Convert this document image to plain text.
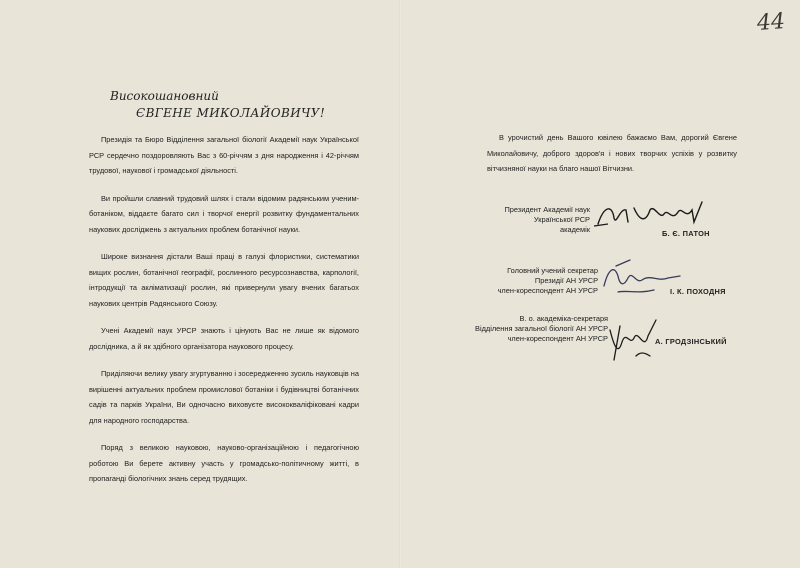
44
Високошановний
ЄВГЕНЕ МИКОЛАЙОВИЧУ!

Президія та Бюро Відділення загальної біології Академії наук Української РСР сердечно поздоровляють Вас з 60-річчям з дня народження і 42-річчям трудової, наукової і громадської діяльності.

Ви пройшли славний трудовий шлях і стали відомим радянським ученим-ботаніком, віддаєте багато сил і творчої енергії розвитку фундаментальних наукових досліджень з актуальних проблем ботанічної науки.

Широке визнання дістали Ваші праці в галузі флористики, систематики вищих рослин, ботанічної географії, рослинного ресурсознавства, карпології, інтродукції та акліматизації рослин, які привернули увагу вчених багатьох наукових центрів Радянського Союзу.

Учені Академії наук УРСР знають і цінують Вас не лише як відомого дослідника, а й як здібного організатора наукового процесу.

Приділяючи велику увагу згуртуванню і зосередженню зусиль науковців на вирішенні актуальних проблем промислової ботаніки і будівництві ботанічних садів та парків України, Ви одночасно виховуєте висококваліфіковані кадри для народного господарства.

Поряд з великою науковою, науково-організаційною і педагогічною роботою Ви берете активну участь у громадсько-політичному житті, в пропаганді біологічних знань серед трудящих.

В урочистий день Вашого ювілею бажаємо Вам, дорогий Євгене Миколайовичу, доброго здоров'я і нових творчих успіхів у розвитку вітчизняної науки на благо нашої Вітчизни.

Президент Академії наук
Української РСР
академік	Б. Є. ПАТОН
Головний учений секретар
Президії АН УРСР
член-кореспондент АН УРСР	І. К. ПОХОДНЯ
В. о. академіка-секретаря
Відділення загальної біології АН УРСР
член-кореспондент АН УРСР	А. ГРОДЗІНСЬКИЙ
